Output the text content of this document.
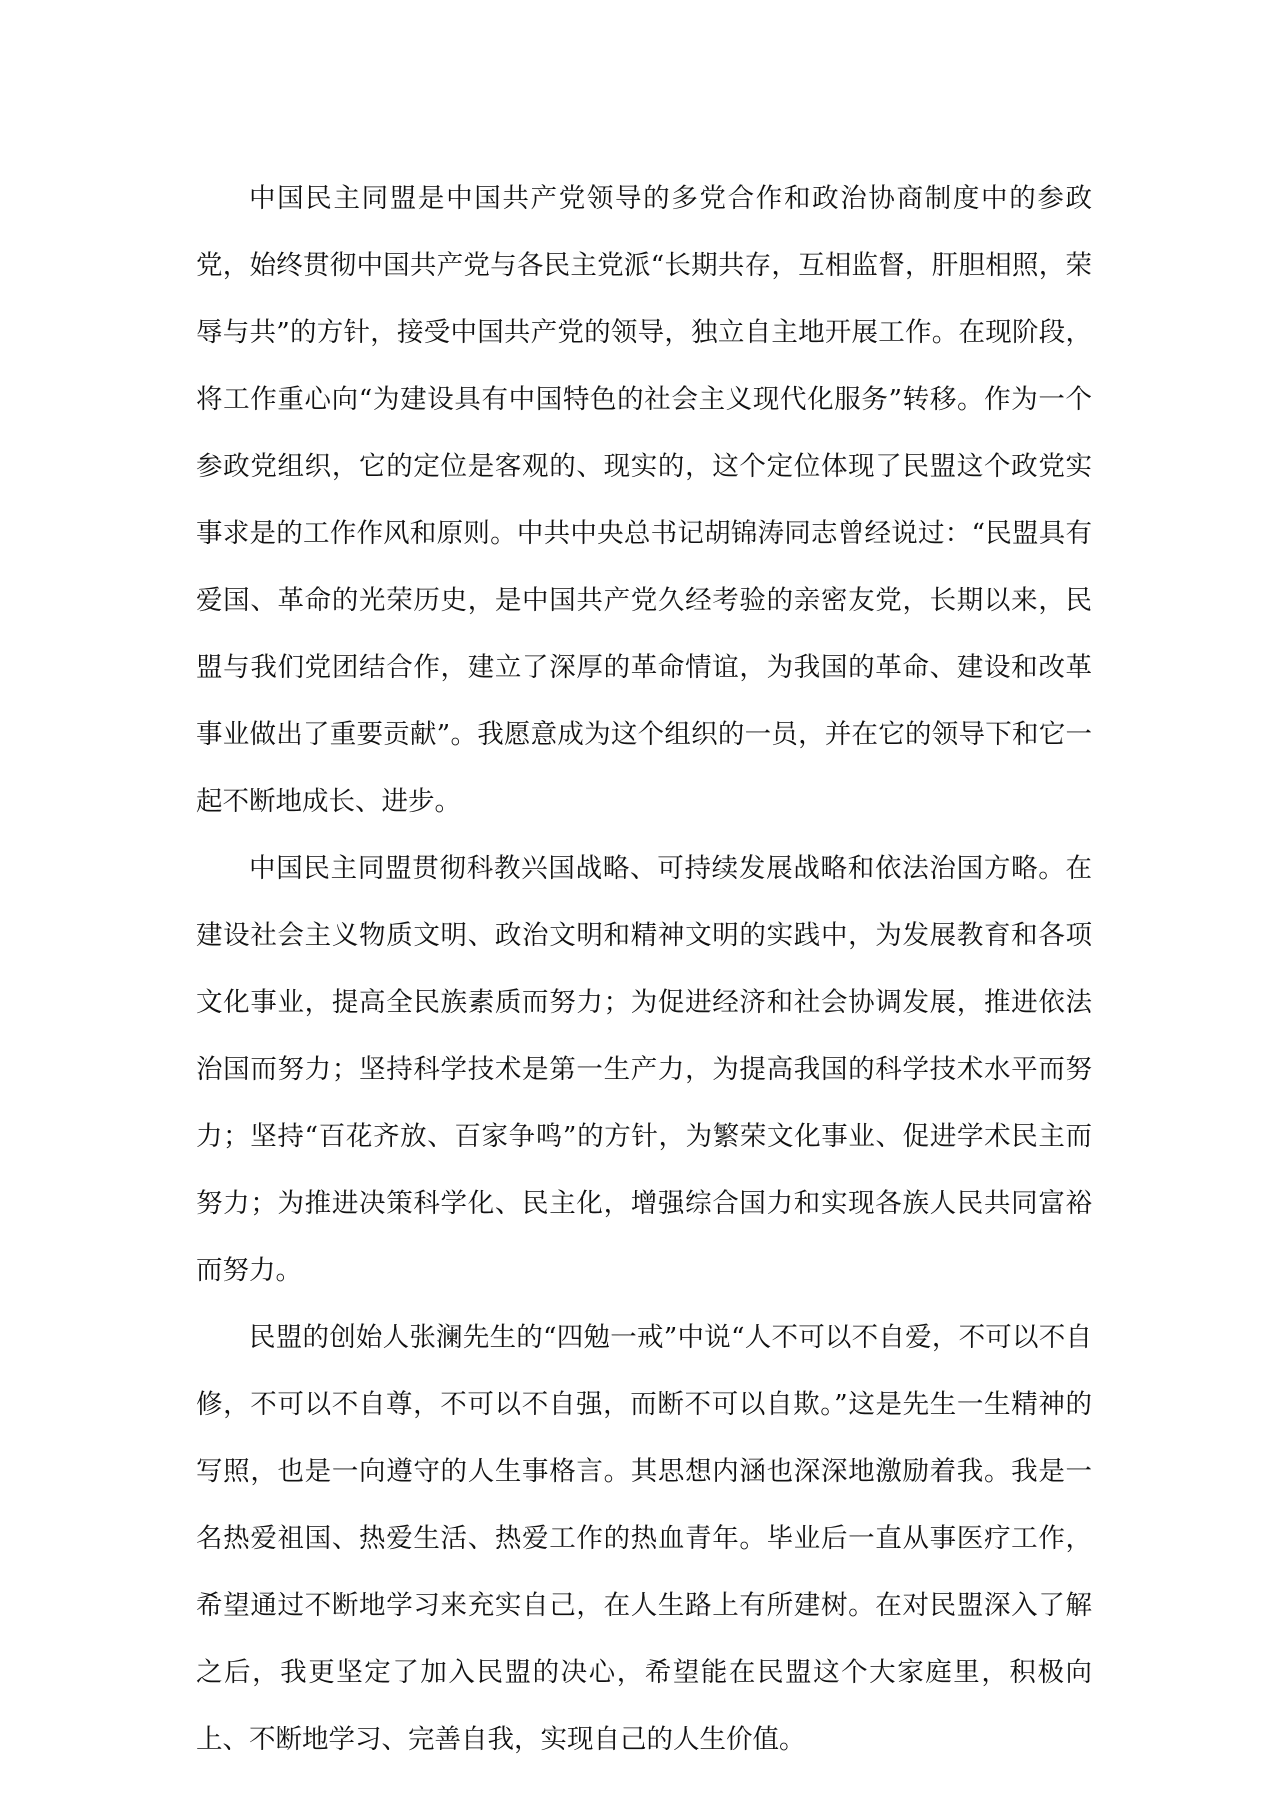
中国民主同盟是中国共产党领导的多党合作和政治协商制度中的参政党，始终贯彻中国共产党与各民主党派“长期共存，互相监督，肝胆相照，荣辱与共”的方针，接受中国共产党的领导，独立自主地开展工作。在现阶段，将工作重心向“为建设具有中国特色的社会主义现代化服务”转移。作为一个参政党组织，它的定位是客观的、现实的，这个定位体现了民盟这个政党实事求是的工作作风和原则。中共中央总书记胡锦涛同志曾经说过：“民盟具有爱国、革命的光荣历史，是中国共产党久经考验的亲密友党，长期以来，民盟与我们党团结合作，建立了深厚的革命情谊，为我国的革命、建设和改革事业做出了重要贡献”。我愿意成为这个组织的一员，并在它的领导下和它一起不断地成长、进步。

中国民主同盟贯彻科教兴国战略、可持续发展战略和依法治国方略。在建设社会主义物质文明、政治文明和精神文明的实践中，为发展教育和各项文化事业，提高全民族素质而努力；为促进经济和社会协调发展，推进依法治国而努力；坚持科学技术是第一生产力，为提高我国的科学技术水平而努力；坚持“百花齐放、百家争鸣”的方针，为繁荣文化事业、促进学术民主而努力；为推进决策科学化、民主化，增强综合国力和实现各族人民共同富裕而努力。

民盟的创始人张澜先生的“四勉一戒”中说“人不可以不自爱，不可以不自修，不可以不自尊，不可以不自强，而断不可以自欺。”这是先生一生精神的写照，也是一向遵守的人生事格言。其思想内涵也深深地激励着我。我是一名热爱祖国、热爱生活、热爱工作的热血青年。毕业后一直从事医疗工作，希望通过不断地学习来充实自己，在人生路上有所建树。在对民盟深入了解之后，我更坚定了加入民盟的决心，希望能在民盟这个大家庭里，积极向上、不断地学习、完善自我，实现自己的人生价值。
